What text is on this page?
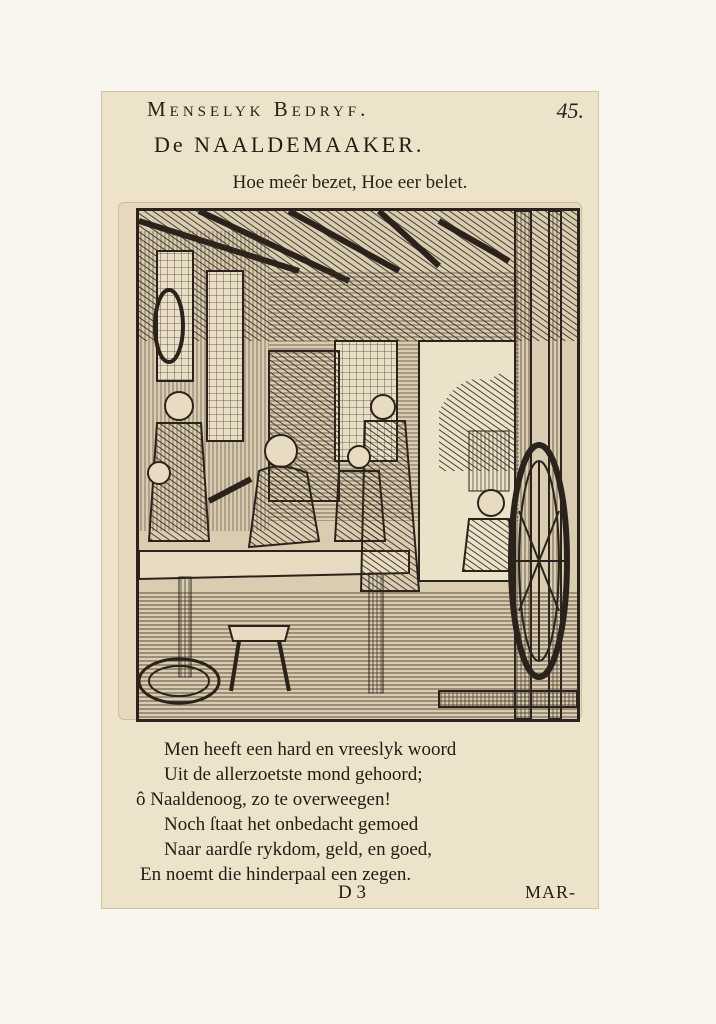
Menselyk Bedryf.	45.
De NAALDEMAAKER.
Hoe meêr bezet, Hoe eer belet.
Men heeft een hard en vreeslyk woord
Uit de allerzoetste mond gehoord;
ô Naaldenoog, zo te overweegen!
Noch ſtaat het onbedacht gemoed
Naar aardſe rykdom, geld, en goed,
En noemt die hinderpaal een zegen.
D 3	MAR-
